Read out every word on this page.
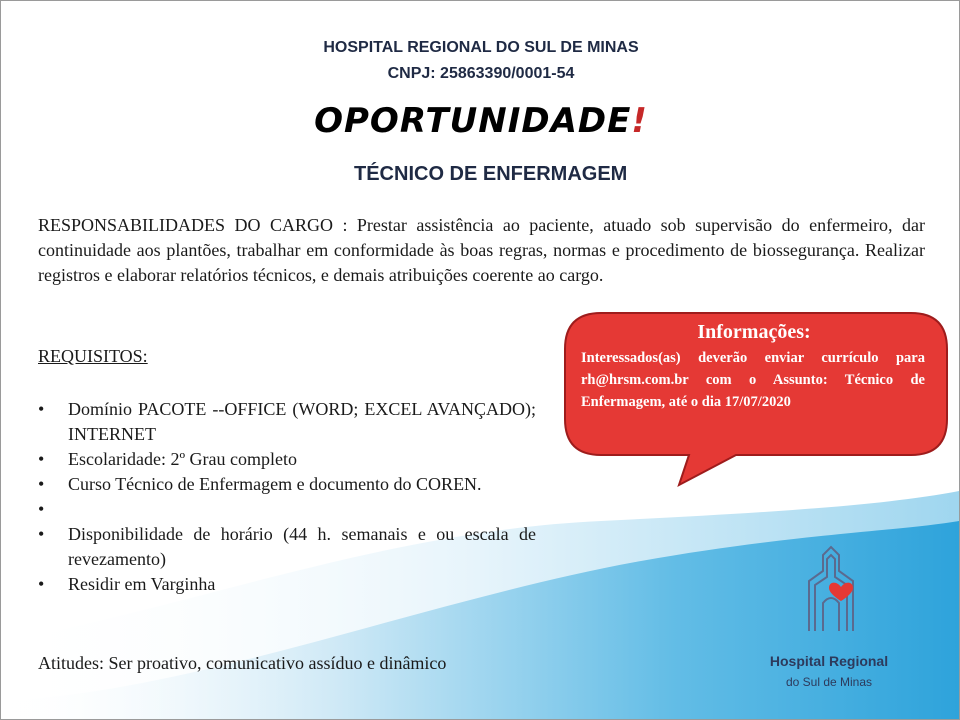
HOSPITAL REGIONAL DO SUL DE MINAS
CNPJ: 25863390/0001-54
OPORTUNIDADE!
TÉCNICO DE ENFERMAGEM
RESPONSABILIDADES DO CARGO : Prestar assistência ao paciente, atuado sob supervisão do enfermeiro, dar continuidade aos plantões, trabalhar em conformidade às boas regras, normas e procedimento de biossegurança. Realizar registros e elaborar relatórios técnicos, e demais atribuições coerente ao cargo.
REQUISITOS:
• Domínio PACOTE --OFFICE (WORD; EXCEL AVANÇADO); INTERNET
• Escolaridade: 2º Grau completo
• Curso Técnico de Enfermagem e documento do COREN.
•
• Disponibilidade de horário (44 h. semanais e ou escala de revezamento)
• Residir em Varginha
Atitudes: Ser proativo, comunicativo assíduo e dinâmico
Informações:
Interessados(as) deverão enviar currículo para rh@hrsm.com.br com o Assunto: Técnico de Enfermagem, até o dia 17/07/2020
Hospital Regional
do Sul de Minas
